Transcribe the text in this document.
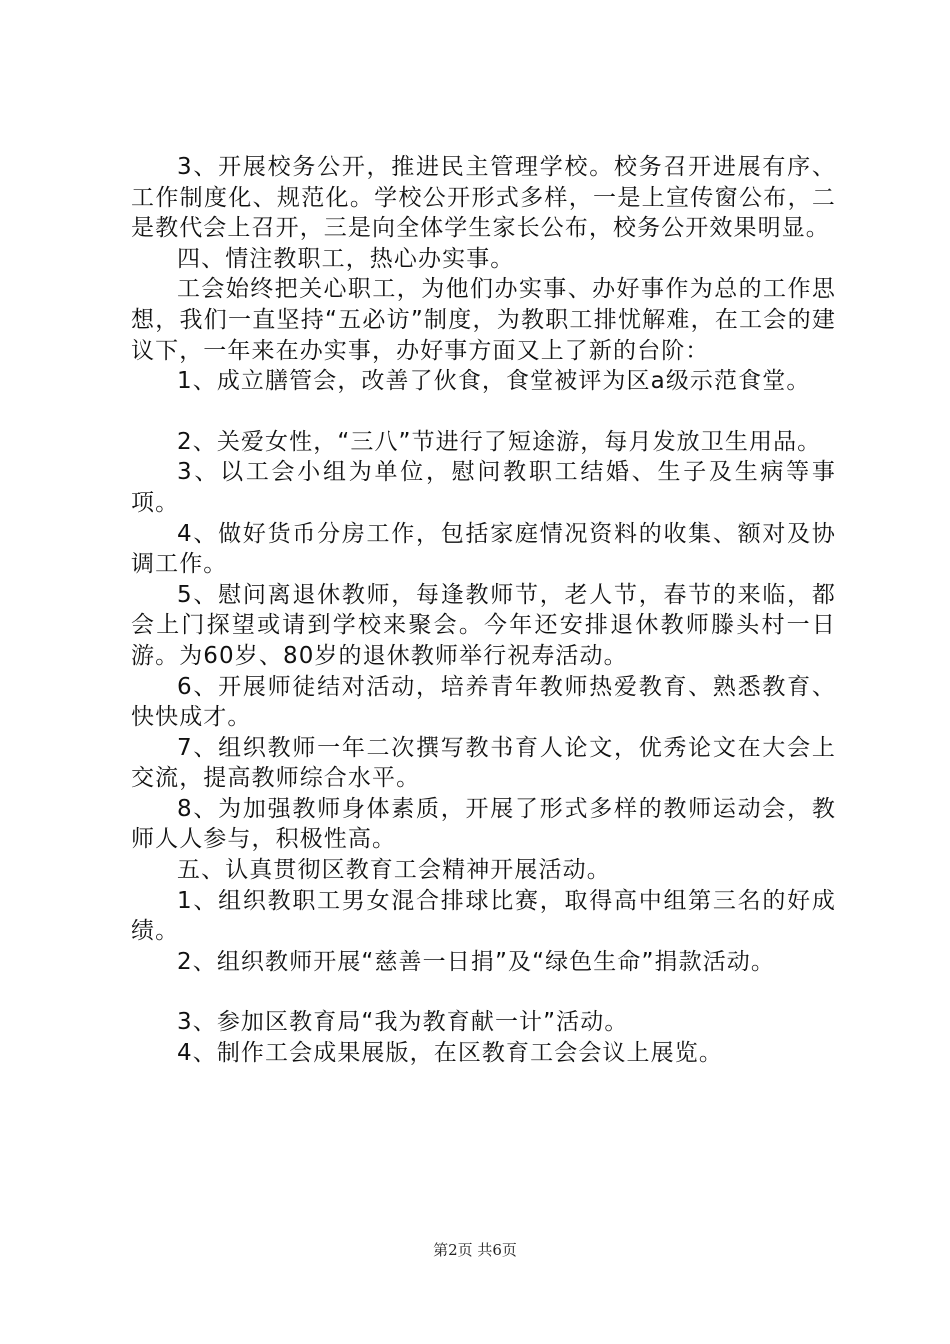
3、开展校务公开，推进民主管理学校。校务召开进展有序、工作制度化、规范化。学校公开形式多样，一是上宣传窗公布，二是教代会上召开，三是向全体学生家长公布，校务公开效果明显。

四、情注教职工，热心办实事。

工会始终把关心职工，为他们办实事、办好事作为总的工作思想，我们一直坚持“五必访”制度，为教职工排忧解难，在工会的建议下，一年来在办实事，办好事方面又上了新的台阶：

1、成立膳管会，改善了伙食，食堂被评为区a级示范食堂。

2、关爱女性，“三八”节进行了短途游，每月发放卫生用品。

3、以工会小组为单位，慰问教职工结婚、生子及生病等事项。

4、做好货币分房工作，包括家庭情况资料的收集、额对及协调工作。

5、慰问离退休教师，每逢教师节，老人节，春节的来临，都会上门探望或请到学校来聚会。今年还安排退休教师滕头村一日游。为60岁、80岁的退休教师举行祝寿活动。

6、开展师徒结对活动，培养青年教师热爱教育、熟悉教育、快快成才。

7、组织教师一年二次撰写教书育人论文，优秀论文在大会上交流，提高教师综合水平。

8、为加强教师身体素质，开展了形式多样的教师运动会，教师人人参与，积极性高。

五、认真贯彻区教育工会精神开展活动。

1、组织教职工男女混合排球比赛，取得高中组第三名的好成绩。

2、组织教师开展“慈善一日捐”及“绿色生命”捐款活动。

3、参加区教育局“我为教育献一计”活动。

4、制作工会成果展版，在区教育工会会议上展览。

第2页 共6页
